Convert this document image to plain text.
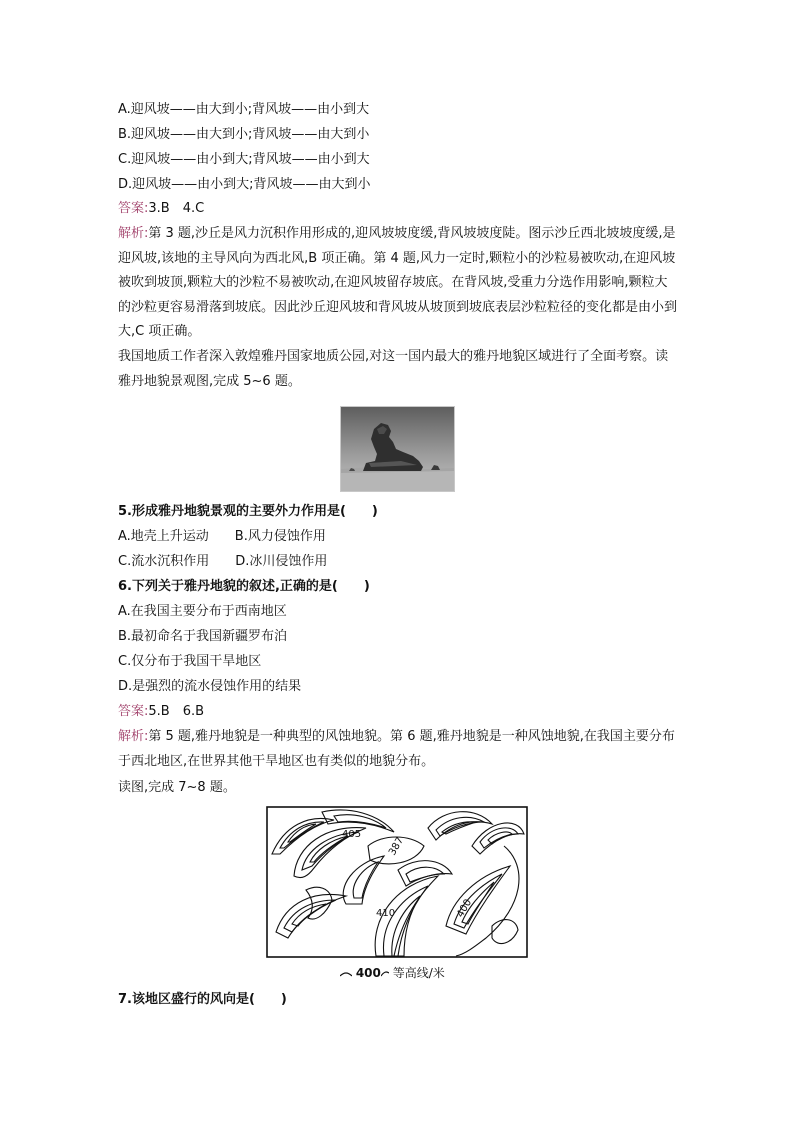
A.迎风坡——由大到小;背风坡——由小到大
B.迎风坡——由大到小;背风坡——由大到小
C.迎风坡——由小到大;背风坡——由小到大
D.迎风坡——由小到大;背风坡——由大到小
答案:3.B　4.C
解析:第 3 题,沙丘是风力沉积作用形成的,迎风坡坡度缓,背风坡坡度陡。图示沙丘西北坡坡度缓,是迎风坡,该地的主导风向为西北风,B 项正确。第 4 题,风力一定时,颗粒小的沙粒易被吹动,在迎风坡被吹到坡顶,颗粒大的沙粒不易被吹动,在迎风坡留存坡底。在背风坡,受重力分选作用影响,颗粒大的沙粒更容易滑落到坡底。因此沙丘迎风坡和背风坡从坡顶到坡底表层沙粒粒径的变化都是由小到大,C 项正确。
我国地质工作者深入敦煌雅丹国家地质公园,对这一国内最大的雅丹地貌区域进行了全面考察。读雅丹地貌景观图,完成 5~6 题。
5.形成雅丹地貌景观的主要外力作用是(　　)
A.地壳上升运动　　B.风力侵蚀作用
C.流水沉积作用　　D.冰川侵蚀作用
6.下列关于雅丹地貌的叙述,正确的是(　　)
A.在我国主要分布于西南地区
B.最初命名于我国新疆罗布泊
C.仅分布于我国干旱地区
D.是强烈的流水侵蚀作用的结果
答案:5.B　6.B
解析:第 5 题,雅丹地貌是一种典型的风蚀地貌。第 6 题,雅丹地貌是一种风蚀地貌,在我国主要分布于西北地区,在世界其他干旱地区也有类似的地貌分布。
读图,完成 7~8 题。
405
387
410	400
400 等高线/米
7.该地区盛行的风向是(　　)
